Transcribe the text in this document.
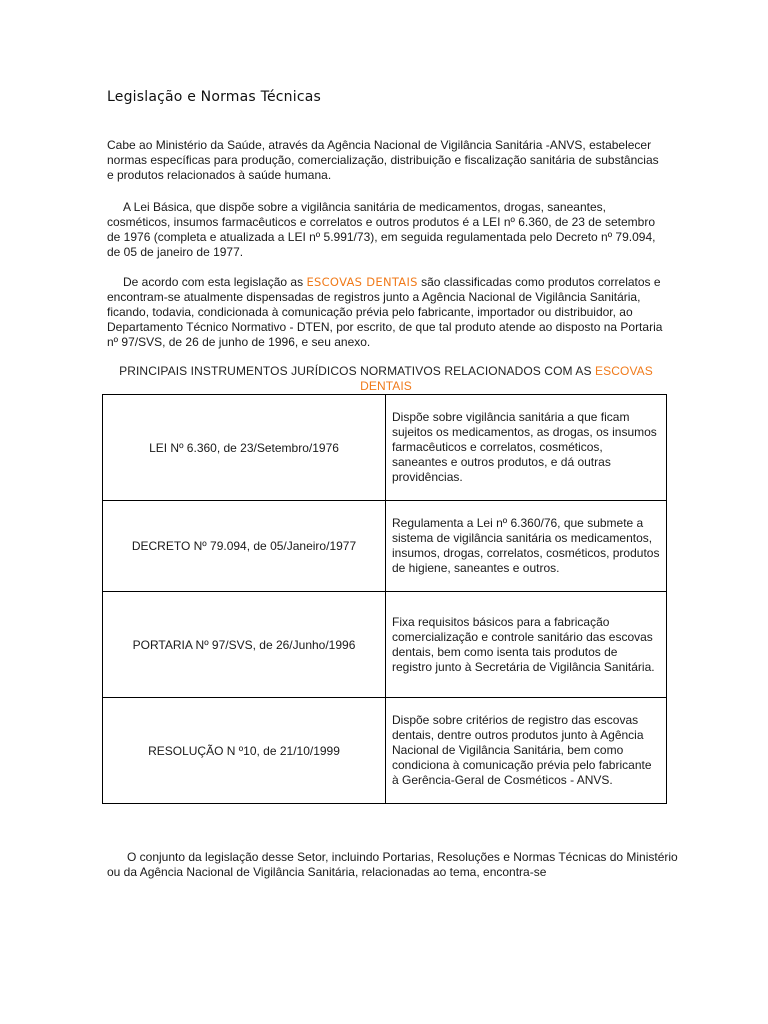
Legislação e Normas Técnicas
Cabe ao Ministério da Saúde, através da Agência Nacional de Vigilância Sanitária -ANVS, estabelecer normas específicas para produção, comercialização, distribuição e fiscalização sanitária de substâncias e produtos relacionados à saúde humana.
A Lei Básica, que dispõe sobre a vigilância sanitária de medicamentos, drogas, saneantes, cosméticos, insumos farmacêuticos e correlatos e outros produtos é a LEI nº 6.360, de 23 de setembro de 1976 (completa e atualizada a LEI nº 5.991/73), em seguida regulamentada pelo Decreto nº 79.094, de 05 de janeiro de 1977.
De acordo com esta legislação as ESCOVAS DENTAIS são classificadas como produtos correlatos e encontram-se atualmente dispensadas de registros junto a Agência Nacional de Vigilância Sanitária, ficando, todavia, condicionada à comunicação prévia pelo fabricante, importador ou distribuidor, ao Departamento Técnico Normativo - DTEN, por escrito, de que tal produto atende ao disposto na Portaria nº 97/SVS, de 26 de junho de 1996, e seu anexo.
PRINCIPAIS INSTRUMENTOS JURÍDICOS NORMATIVOS RELACIONADOS COM AS ESCOVAS DENTAIS
LEI Nº 6.360, de 23/Setembro/1976	Dispõe sobre vigilância sanitária a que ficam sujeitos os medicamentos, as drogas, os insumos farmacêuticos e correlatos, cosméticos, saneantes e outros produtos, e dá outras providências.
DECRETO Nº 79.094, de 05/Janeiro/1977	Regulamenta a Lei nº 6.360/76, que submete a sistema de vigilância sanitária os medicamentos, insumos, drogas, correlatos, cosméticos, produtos de higiene, saneantes e outros.
PORTARIA Nº 97/SVS, de 26/Junho/1996	Fixa requisitos básicos para a fabricação comercialização e controle sanitário das escovas dentais, bem como isenta tais produtos de registro junto à Secretária de Vigilância Sanitária.
RESOLUÇÃO N º10, de 21/10/1999	Dispõe sobre critérios de registro das escovas dentais, dentre outros produtos junto à Agência Nacional de Vigilância Sanitária, bem como condiciona à comunicação prévia pelo fabricante à Gerência-Geral de Cosméticos - ANVS.
O conjunto da legislação desse Setor, incluindo Portarias, Resoluções e Normas Técnicas do Ministério ou da Agência Nacional de Vigilância Sanitária, relacionadas ao tema, encontra-se
